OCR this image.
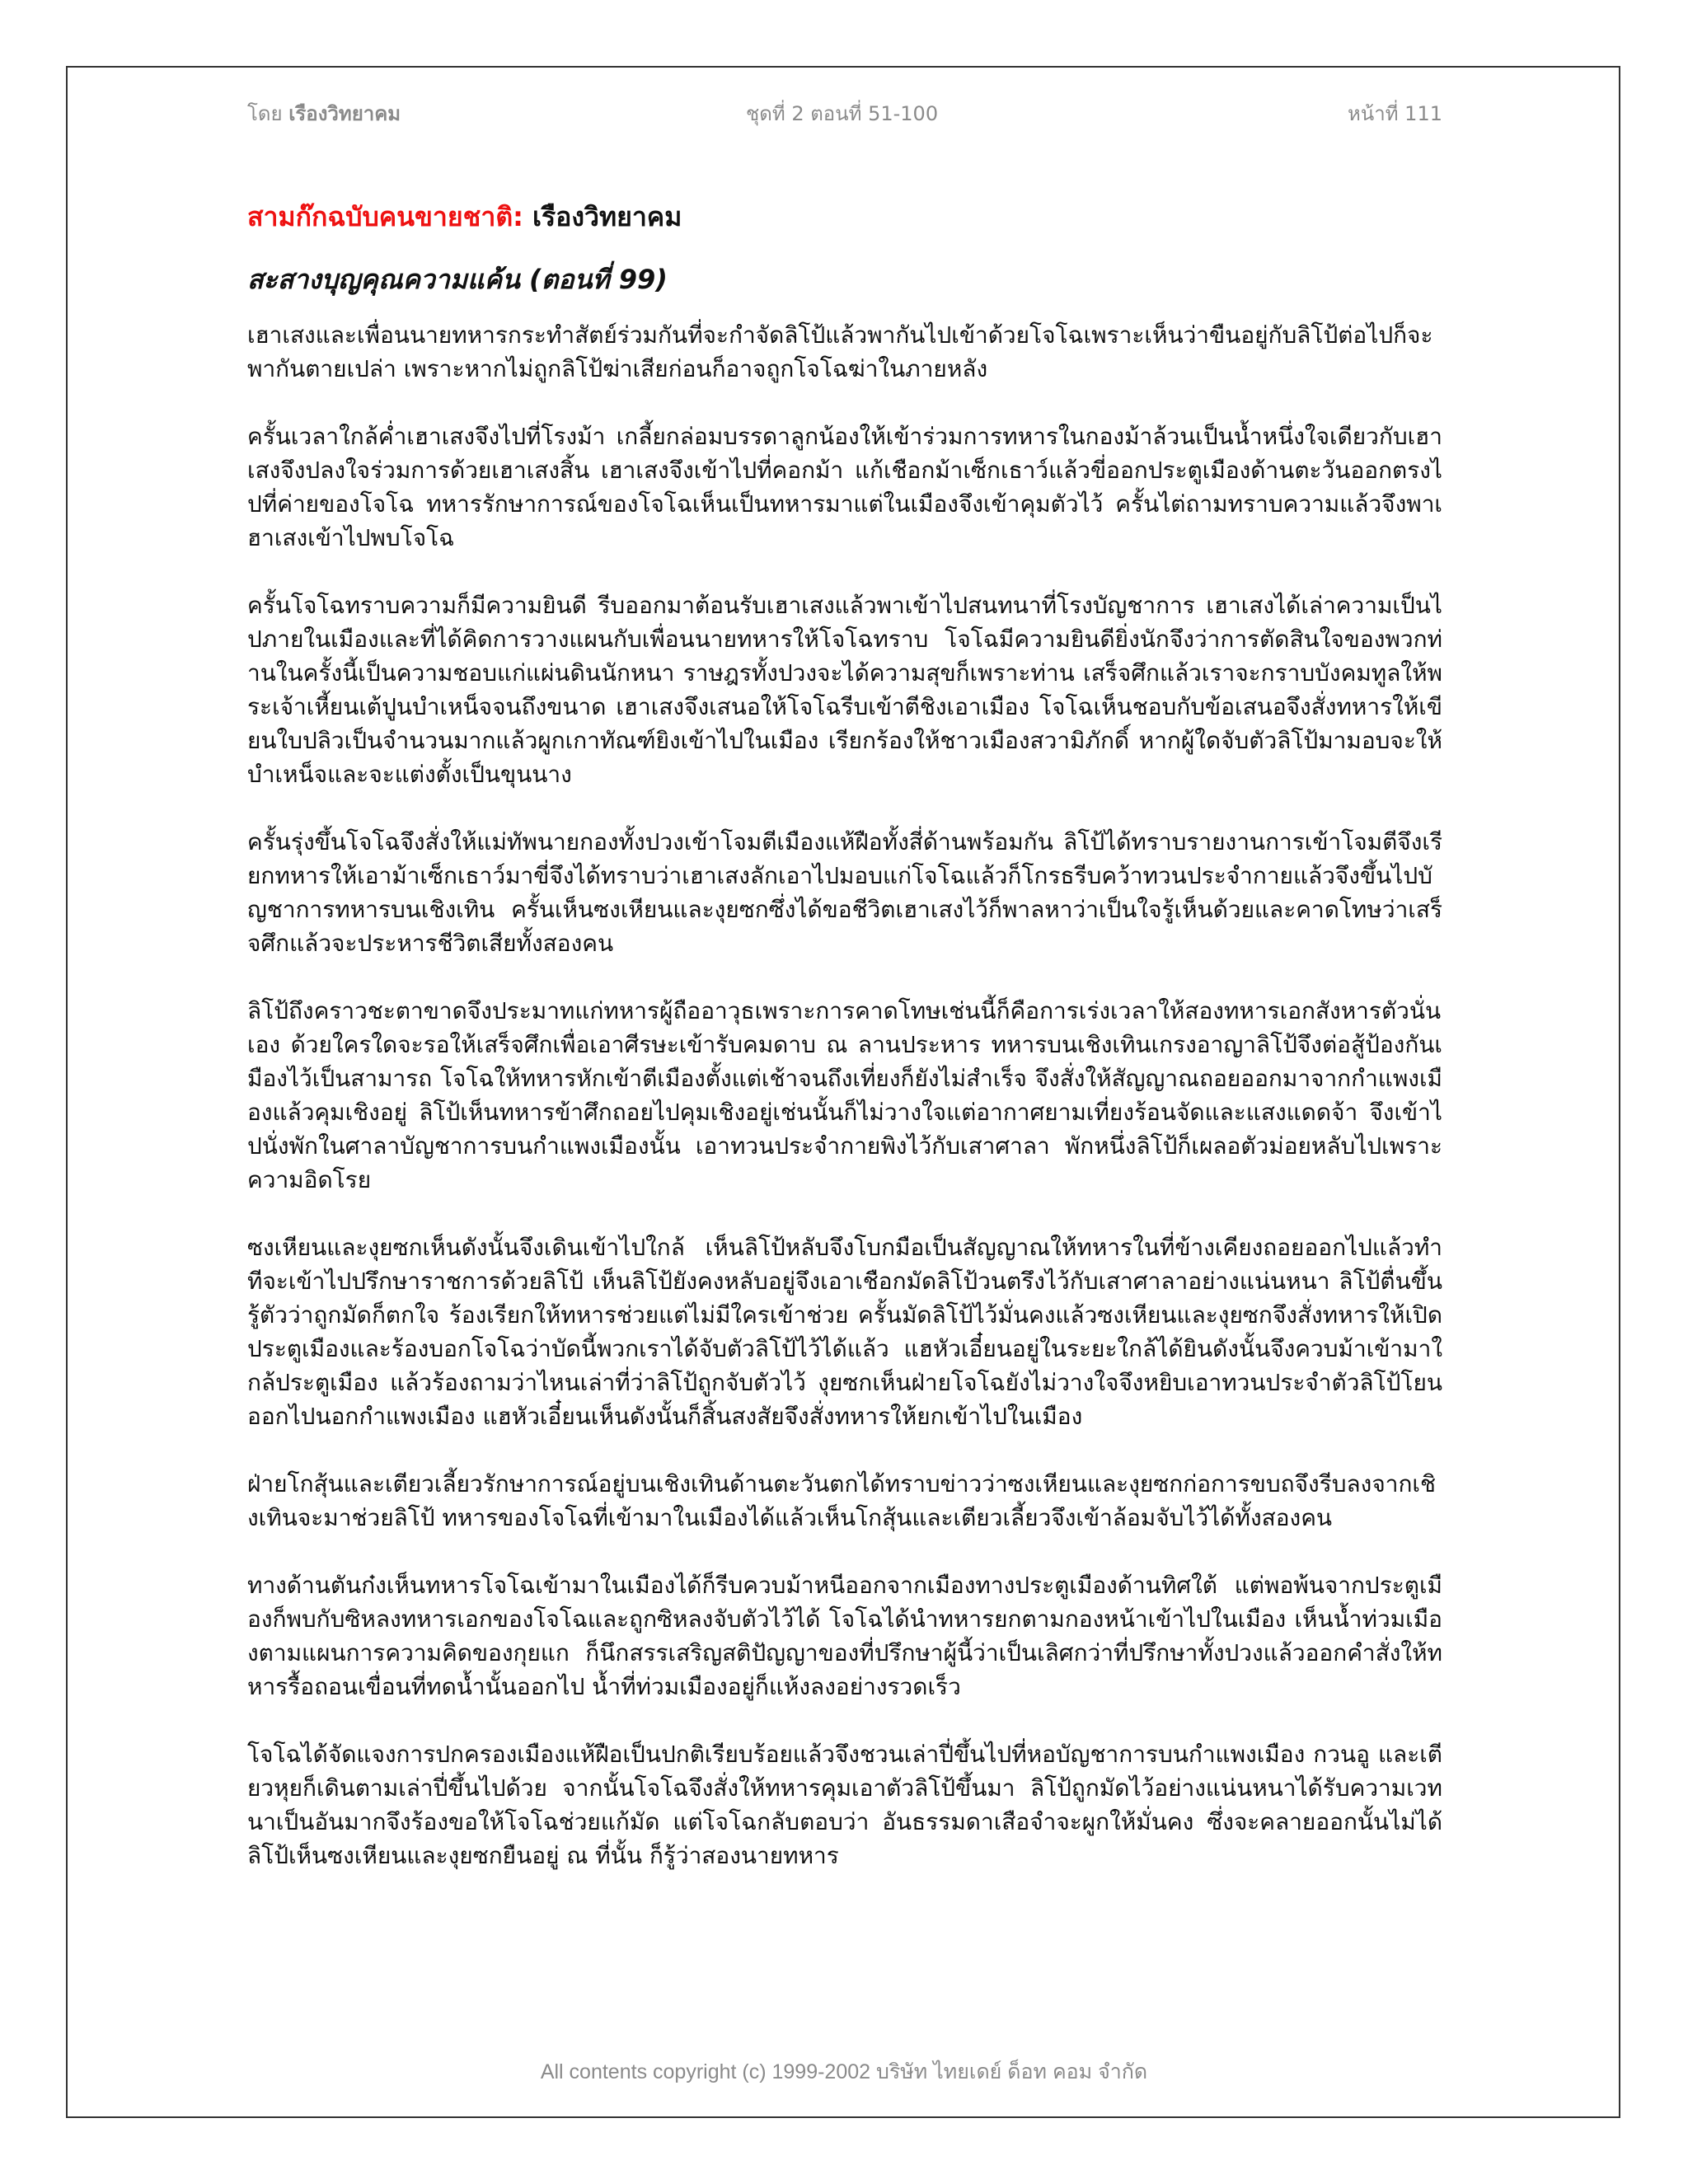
โดย เรืองวิทยาคม	ชุดที่ 2 ตอนที่ 51-100	หน้าที่ 111
สามก๊กฉบับคนขายชาติ: เรืองวิทยาคม
สะสางบุญคุณความแค้น (ตอนที่ 99)

เฮาเสงและเพื่อนนายทหารกระทำสัตย์ร่วมกันที่จะกำจัดลิโป้แล้วพากันไปเข้าด้วยโจโฉเพราะเห็นว่าขืนอยู่กับลิโป้ต่อไปก็จะพากันตายเปล่า เพราะหากไม่ถูกลิโป้ฆ่าเสียก่อนก็อาจถูกโจโฉฆ่าในภายหลัง

ครั้นเวลาใกล้ค่ำเฮาเสงจึงไปที่โรงม้า เกลี้ยกล่อมบรรดาลูกน้องให้เข้าร่วมการทหารในกองม้าล้วนเป็นน้ำหนึ่งใจเดียวกับเฮาเสงจึงปลงใจร่วมการด้วยเฮาเสงสิ้น เฮาเสงจึงเข้าไปที่คอกม้า แก้เชือกม้าเซ็กเธาว์แล้วขี่ออกประตูเมืองด้านตะวันออกตรงไปที่ค่ายของโจโฉ ทหารรักษาการณ์ของโจโฉเห็นเป็นทหารมาแต่ในเมืองจึงเข้าคุมตัวไว้ ครั้นไต่ถามทราบความแล้วจึงพาเฮาเสงเข้าไปพบโจโฉ

ครั้นโจโฉทราบความก็มีความยินดี รีบออกมาต้อนรับเฮาเสงแล้วพาเข้าไปสนทนาที่โรงบัญชาการ เฮาเสงได้เล่าความเป็นไปภายในเมืองและที่ได้คิดการวางแผนกับเพื่อนนายทหารให้โจโฉทราบ โจโฉมีความยินดียิ่งนักจึงว่าการตัดสินใจของพวกท่านในครั้งนี้เป็นความชอบแก่แผ่นดินนักหนา ราษฎรทั้งปวงจะได้ความสุขก็เพราะท่าน เสร็จศึกแล้วเราจะกราบบังคมทูลให้พระเจ้าเหี้ยนเต้ปูนบำเหน็จจนถึงขนาด เฮาเสงจึงเสนอให้โจโฉรีบเข้าตีชิงเอาเมือง โจโฉเห็นชอบกับข้อเสนอจึงสั่งทหารให้เขียนใบปลิวเป็นจำนวนมากแล้วผูกเกาทัณฑ์ยิงเข้าไปในเมือง เรียกร้องให้ชาวเมืองสวามิภักดิ์ หากผู้ใดจับตัวลิโป้มามอบจะให้บำเหน็จและจะแต่งตั้งเป็นขุนนาง

ครั้นรุ่งขึ้นโจโฉจึงสั่งให้แม่ทัพนายกองทั้งปวงเข้าโจมตีเมืองแห้ฝือทั้งสี่ด้านพร้อมกัน ลิโป้ได้ทราบรายงานการเข้าโจมตีจึงเรียกทหารให้เอาม้าเซ็กเธาว์มาขี่จึงได้ทราบว่าเฮาเสงลักเอาไปมอบแก่โจโฉแล้วก็โกรธรีบคว้าทวนประจำกายแล้วจึงขึ้นไปบัญชาการทหารบนเชิงเทิน ครั้นเห็นซงเหียนและงุยซกซึ่งได้ขอชีวิตเฮาเสงไว้ก็พาลหาว่าเป็นใจรู้เห็นด้วยและคาดโทษว่าเสร็จศึกแล้วจะประหารชีวิตเสียทั้งสองคน

ลิโป้ถึงคราวชะตาขาดจึงประมาทแก่ทหารผู้ถืออาวุธเพราะการคาดโทษเช่นนี้ก็คือการเร่งเวลาให้สองทหารเอกสังหารตัวนั่นเอง ด้วยใครใดจะรอให้เสร็จศึกเพื่อเอาศีรษะเข้ารับคมดาบ ณ ลานประหาร ทหารบนเชิงเทินเกรงอาญาลิโป้จึงต่อสู้ป้องกันเมืองไว้เป็นสามารถ โจโฉให้ทหารหักเข้าตีเมืองตั้งแต่เช้าจนถึงเที่ยงก็ยังไม่สำเร็จ จึงสั่งให้สัญญาณถอยออกมาจากกำแพงเมืองแล้วคุมเชิงอยู่ ลิโป้เห็นทหารข้าศึกถอยไปคุมเชิงอยู่เช่นนั้นก็ไม่วางใจแต่อากาศยามเที่ยงร้อนจัดและแสงแดดจ้า จึงเข้าไปนั่งพักในศาลาบัญชาการบนกำแพงเมืองนั้น เอาทวนประจำกายพิงไว้กับเสาศาลา พักหนึ่งลิโป้ก็เผลอตัวม่อยหลับไปเพราะความอิดโรย

ซงเหียนและงุยซกเห็นดังนั้นจึงเดินเข้าไปใกล้ เห็นลิโป้หลับจึงโบกมือเป็นสัญญาณให้ทหารในที่ข้างเคียงถอยออกไปแล้วทำทีจะเข้าไปปรึกษาราชการด้วยลิโป้ เห็นลิโป้ยังคงหลับอยู่จึงเอาเชือกมัดลิโป้วนตรึงไว้กับเสาศาลาอย่างแน่นหนา ลิโป้ตื่นขึ้นรู้ตัวว่าถูกมัดก็ตกใจ ร้องเรียกให้ทหารช่วยแต่ไม่มีใครเข้าช่วย ครั้นมัดลิโป้ไว้มั่นคงแล้วซงเหียนและงุยซกจึงสั่งทหารให้เปิดประตูเมืองและร้องบอกโจโฉว่าบัดนี้พวกเราได้จับตัวลิโป้ไว้ได้แล้ว แฮหัวเอี๋ยนอยู่ในระยะใกล้ได้ยินดังนั้นจึงควบม้าเข้ามาใกล้ประตูเมือง แล้วร้องถามว่าไหนเล่าที่ว่าลิโป้ถูกจับตัวไว้ งุยซกเห็นฝ่ายโจโฉยังไม่วางใจจึงหยิบเอาทวนประจำตัวลิโป้โยนออกไปนอกกำแพงเมือง แฮหัวเอี๋ยนเห็นดังนั้นก็สิ้นสงสัยจึงสั่งทหารให้ยกเข้าไปในเมือง

ฝ่ายโกสุ้นและเตียวเลี้ยวรักษาการณ์อยู่บนเชิงเทินด้านตะวันตกได้ทราบข่าวว่าซงเหียนและงุยซกก่อการขบถจึงรีบลงจากเชิงเทินจะมาช่วยลิโป้ ทหารของโจโฉที่เข้ามาในเมืองได้แล้วเห็นโกสุ้นและเตียวเลี้ยวจึงเข้าล้อมจับไว้ได้ทั้งสองคน

ทางด้านตันก๋งเห็นทหารโจโฉเข้ามาในเมืองได้ก็รีบควบม้าหนีออกจากเมืองทางประตูเมืองด้านทิศใต้ แต่พอพ้นจากประตูเมืองก็พบกับซิหลงทหารเอกของโจโฉและถูกซิหลงจับตัวไว้ได้ โจโฉได้นำทหารยกตามกองหน้าเข้าไปในเมือง เห็นน้ำท่วมเมืองตามแผนการความคิดของกุยแก ก็นึกสรรเสริญสติปัญญาของที่ปรึกษาผู้นี้ว่าเป็นเลิศกว่าที่ปรึกษาทั้งปวงแล้วออกคำสั่งให้ทหารรื้อถอนเขื่อนที่ทดน้ำนั้นออกไป น้ำที่ท่วมเมืองอยู่ก็แห้งลงอย่างรวดเร็ว

โจโฉได้จัดแจงการปกครองเมืองแห้ฝือเป็นปกติเรียบร้อยแล้วจึงชวนเล่าปี่ขึ้นไปที่หอบัญชาการบนกำแพงเมือง กวนอู และเตียวหุยก็เดินตามเล่าปี่ขึ้นไปด้วย จากนั้นโจโฉจึงสั่งให้ทหารคุมเอาตัวลิโป้ขึ้นมา ลิโป้ถูกมัดไว้อย่างแน่นหนาได้รับความเวทนาเป็นอันมากจึงร้องขอให้โจโฉช่วยแก้มัด แต่โจโฉกลับตอบว่า อันธรรมดาเสือจำจะผูกให้มั่นคง ซึ่งจะคลายออกนั้นไม่ได้ ลิโป้เห็นซงเหียนและงุยซกยืนอยู่ ณ ที่นั้น ก็รู้ว่าสองนายทหาร

All contents copyright (c) 1999-2002 บริษัท ไทยเดย์ ด็อท คอม จำกัด
